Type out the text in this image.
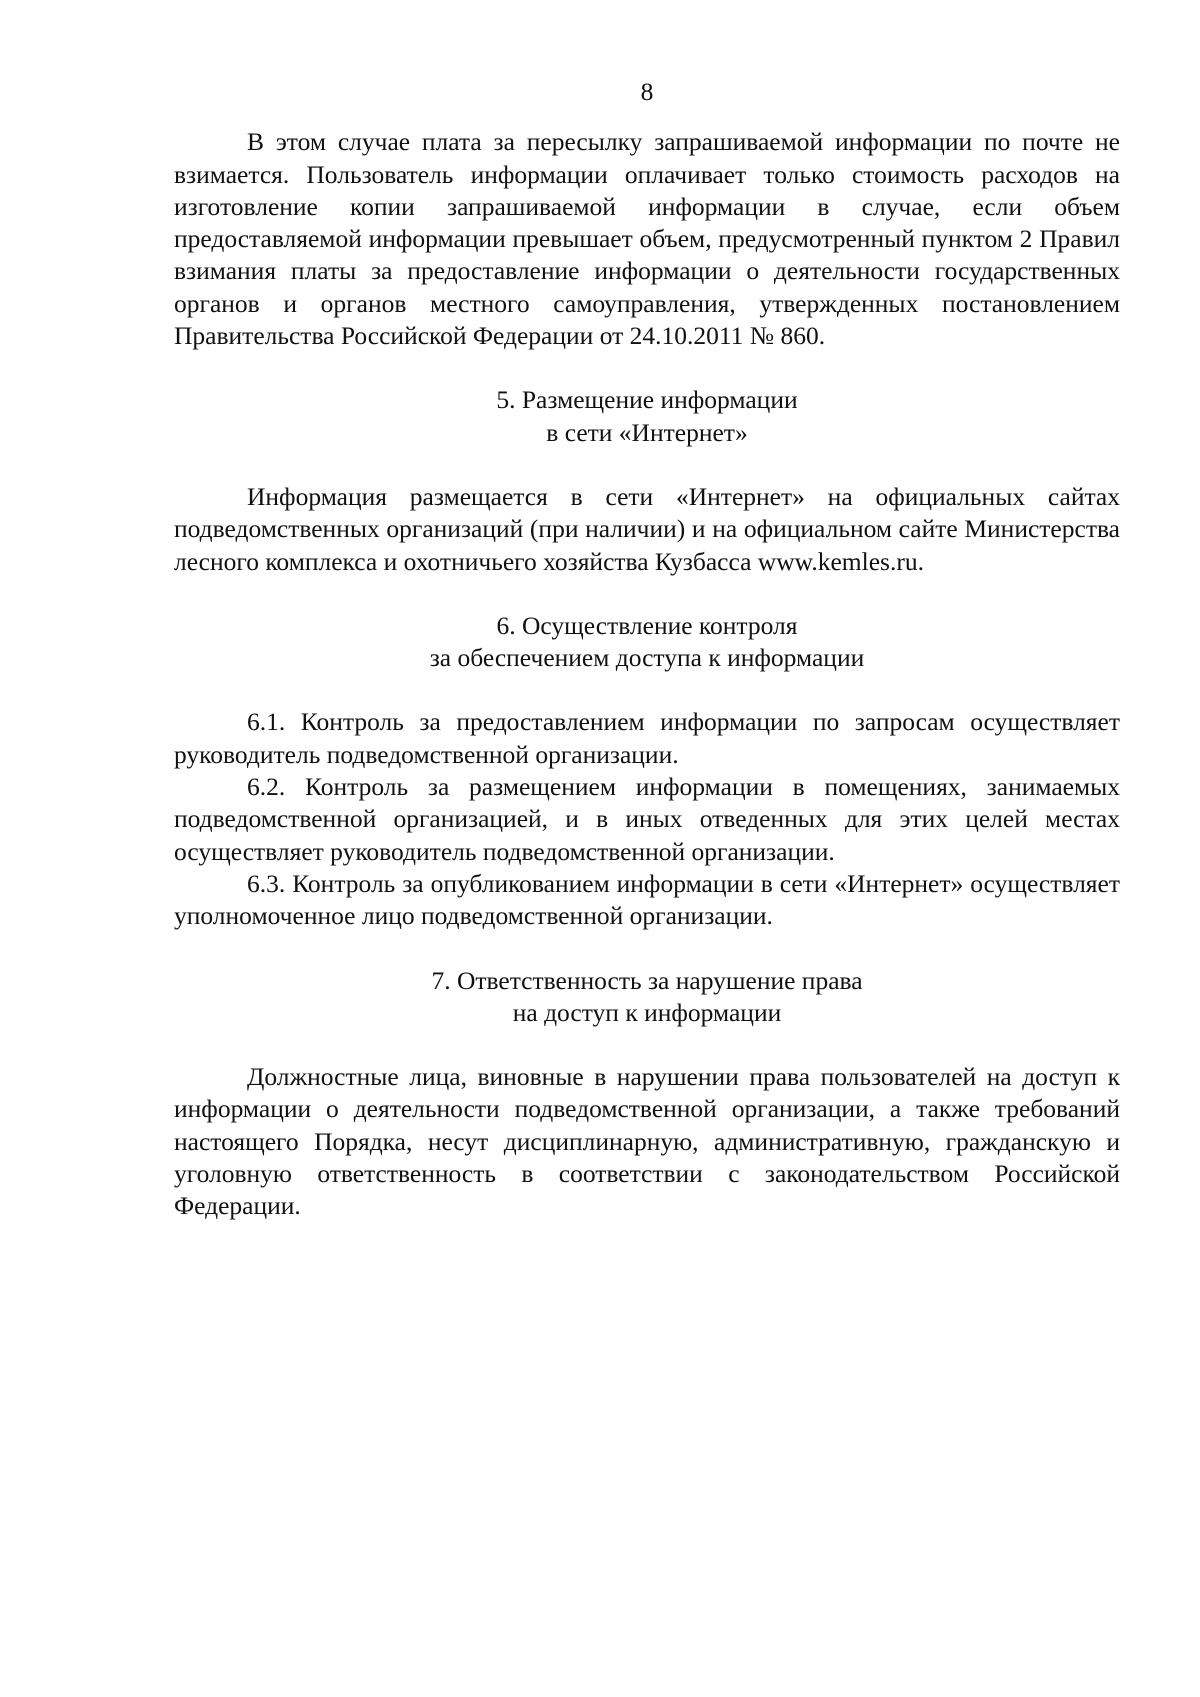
8

В этом случае плата за пересылку запрашиваемой информации по почте не взимается. Пользователь информации оплачивает только стоимость расходов на изготовление копии запрашиваемой информации в случае, если объем предоставляемой информации превышает объем, предусмотренный пунктом 2 Правил взимания платы за предоставление информации о деятельности государственных органов и органов местного самоуправления, утвержденных постановлением Правительства Российской Федерации от 24.10.2011 № 860.

5. Размещение информации
в сети «Интернет»

Информация размещается в сети «Интернет» на официальных сайтах подведомственных организаций (при наличии) и на официальном сайте Министерства лесного комплекса и охотничьего хозяйства Кузбасса www.kemles.ru.

6. Осуществление контроля
за обеспечением доступа к информации

6.1. Контроль за предоставлением информации по запросам осуществляет руководитель подведомственной организации.

6.2. Контроль за размещением информации в помещениях, занимаемых подведомственной организацией, и в иных отведенных для этих целей местах осуществляет руководитель подведомственной организации.

6.3. Контроль за опубликованием информации в сети «Интернет» осуществляет уполномоченное лицо подведомственной организации.

7. Ответственность за нарушение права
на доступ к информации

Должностные лица, виновные в нарушении права пользователей на доступ к информации о деятельности подведомственной организации, а также требований настоящего Порядка, несут дисциплинарную, административную, гражданскую и уголовную ответственность в соответствии с законодательством Российской Федерации.
